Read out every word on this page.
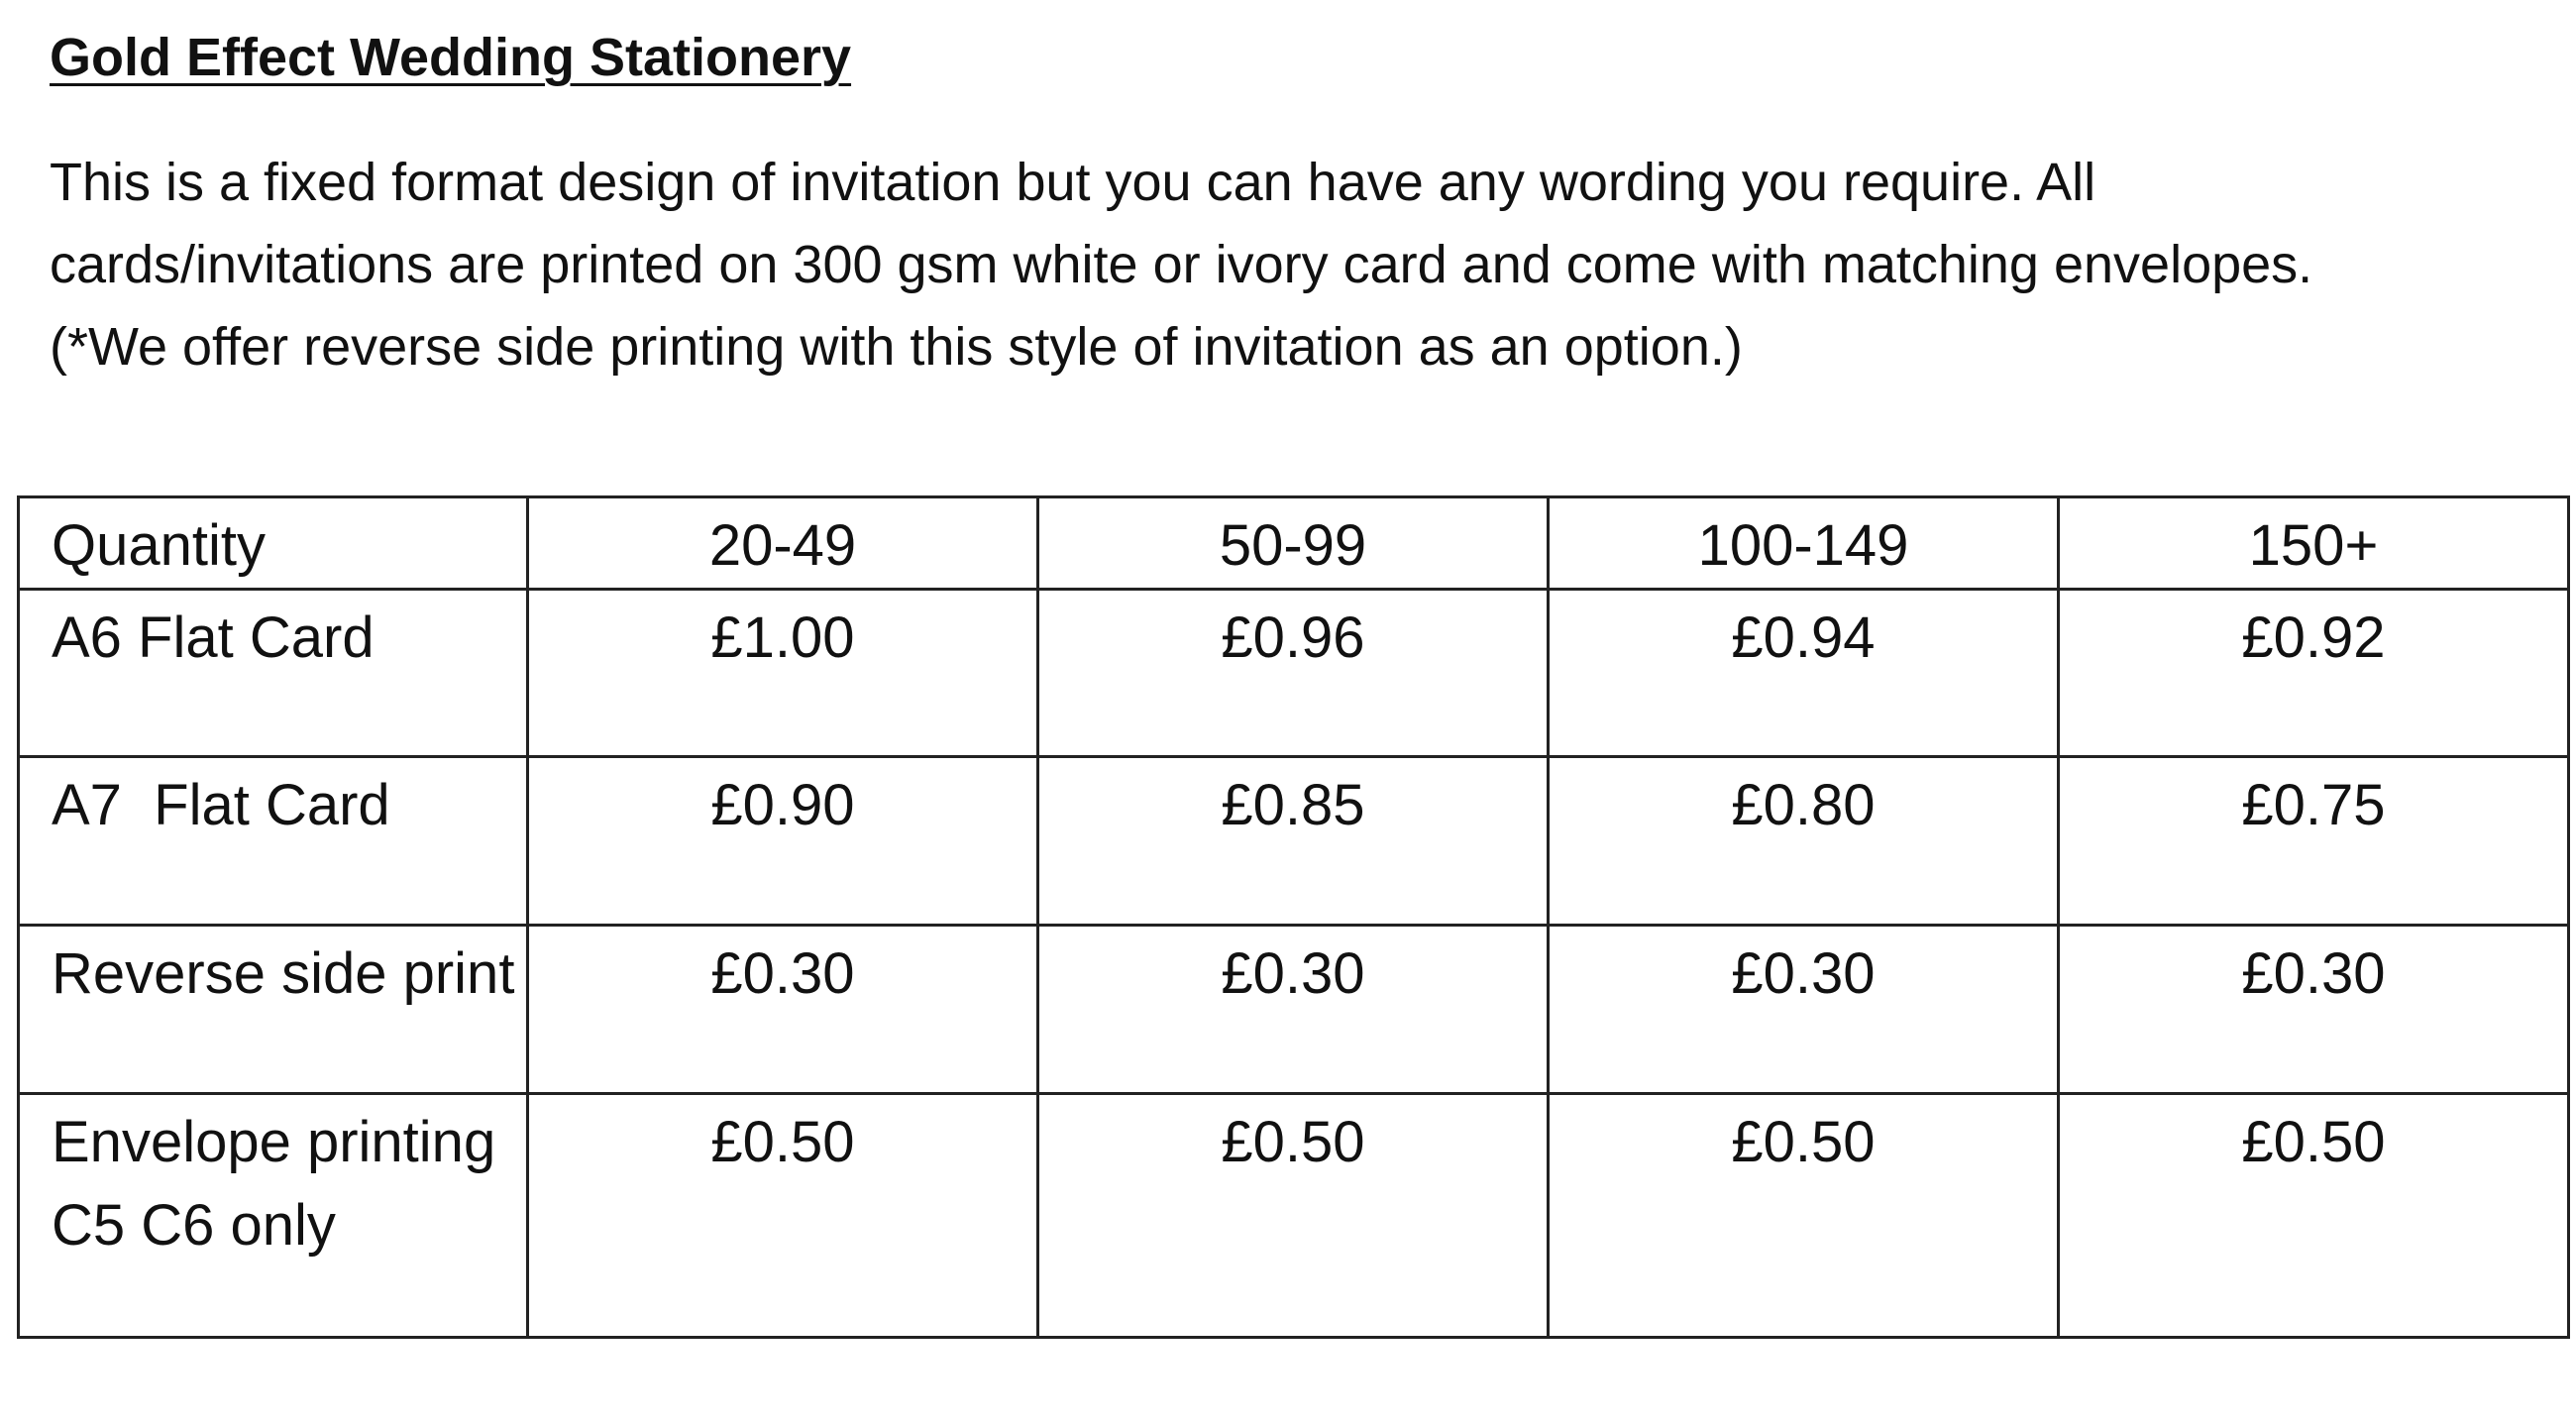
Gold Effect Wedding Stationery
This is a fixed format design of invitation but you can have any wording you require. All
cards/invitations are printed on 300 gsm white or ivory card and come with matching envelopes.
(*We offer reverse side printing with this style of invitation as an option.)
Quantity	20-49	50-99	100-149	150+
A6 Flat Card	£1.00	£0.96	£0.94	£0.92
A7  Flat Card	£0.90	£0.85	£0.80	£0.75
Reverse side print	£0.30	£0.30	£0.30	£0.30
Envelope printing C5 C6 only	£0.50	£0.50	£0.50	£0.50
